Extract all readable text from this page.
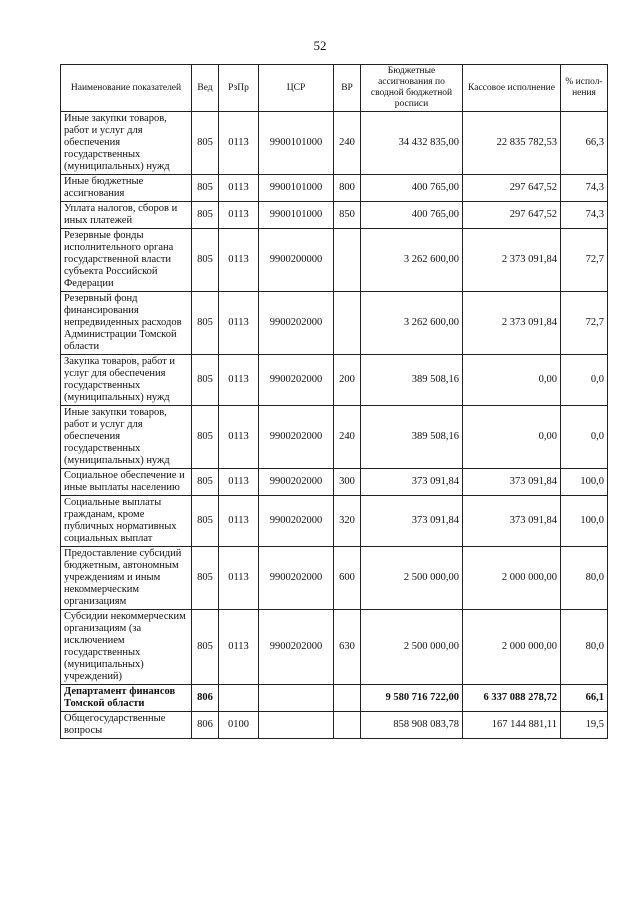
52
Наименование показателей	Вед	РзПр	ЦСР	ВР	Бюджетные ассигнования по сводной бюджетной росписи	Кассовое исполнение	% испол-нения
Иные закупки товаров, работ и услуг для обеспечения государственных (муниципальных) нужд	805	0113	9900101000	240	34 432 835,00	22 835 782,53	66,3
Иные бюджетные ассигнования	805	0113	9900101000	800	400 765,00	297 647,52	74,3
Уплата налогов, сборов и иных платежей	805	0113	9900101000	850	400 765,00	297 647,52	74,3
Резервные фонды исполнительного органа государственной власти субъекта Российской Федерации	805	0113	9900200000		3 262 600,00	2 373 091,84	72,7
Резервный фонд финансирования непредвиденных расходов Администрации Томской области	805	0113	9900202000		3 262 600,00	2 373 091,84	72,7
Закупка товаров, работ и услуг для обеспечения государственных (муниципальных) нужд	805	0113	9900202000	200	389 508,16	0,00	0,0
Иные закупки товаров, работ и услуг для обеспечения государственных (муниципальных) нужд	805	0113	9900202000	240	389 508,16	0,00	0,0
Социальное обеспечение и иные выплаты населению	805	0113	9900202000	300	373 091,84	373 091,84	100,0
Социальные выплаты гражданам, кроме публичных нормативных социальных выплат	805	0113	9900202000	320	373 091,84	373 091,84	100,0
Предоставление субсидий бюджетным, автономным учреждениям и иным некоммерческим организациям	805	0113	9900202000	600	2 500 000,00	2 000 000,00	80,0
Субсидии некоммерческим организациям (за исключением государственных (муниципальных) учреждений)	805	0113	9900202000	630	2 500 000,00	2 000 000,00	80,0
Департамент финансов Томской области	806				9 580 716 722,00	6 337 088 278,72	66,1
Общегосударственные вопросы	806	0100			858 908 083,78	167 144 881,11	19,5
